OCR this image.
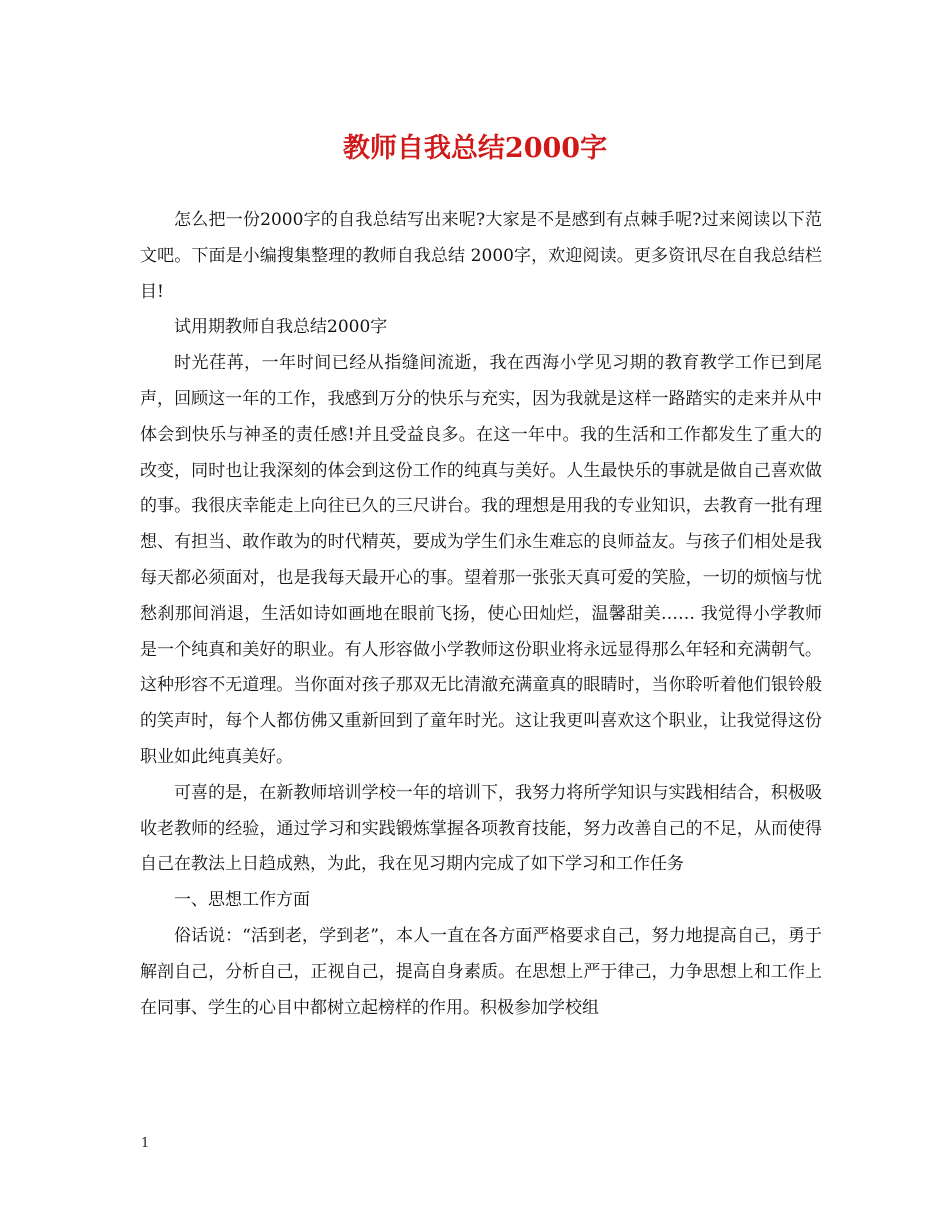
教师自我总结2000字

怎么把一份2000字的自我总结写出来呢?大家是不是感到有点棘手呢?过来阅读以下范文吧。下面是小编搜集整理的教师自我总结 2000字，欢迎阅读。更多资讯尽在自我总结栏目!

试用期教师自我总结2000字

时光荏苒，一年时间已经从指缝间流逝，我在西海小学见习期的教育教学工作已到尾声，回顾这一年的工作，我感到万分的快乐与充实，因为我就是这样一路踏实的走来并从中体会到快乐与神圣的责任感!并且受益良多。在这一年中。我的生活和工作都发生了重大的改变，同时也让我深刻的体会到这份工作的纯真与美好。人生最快乐的事就是做自己喜欢做的事。我很庆幸能走上向往已久的三尺讲台。我的理想是用我的专业知识，去教育一批有理想、有担当、敢作敢为的时代精英，要成为学生们永生难忘的良师益友。与孩子们相处是我每天都必须面对，也是我每天最开心的事。望着那一张张天真可爱的笑脸，一切的烦恼与忧愁刹那间消退，生活如诗如画地在眼前飞扬，使心田灿烂，温馨甜美…… 我觉得小学教师是一个纯真和美好的职业。有人形容做小学教师这份职业将永远显得那么年轻和充满朝气。这种形容不无道理。当你面对孩子那双无比清澈充满童真的眼睛时，当你聆听着他们银铃般的笑声时，每个人都仿佛又重新回到了童年时光。这让我更叫喜欢这个职业，让我觉得这份职业如此纯真美好。

可喜的是，在新教师培训学校一年的培训下，我努力将所学知识与实践相结合，积极吸收老教师的经验，通过学习和实践锻炼掌握各项教育技能，努力改善自己的不足，从而使得自己在教法上日趋成熟，为此，我在见习期内完成了如下学习和工作任务

一、思想工作方面

俗话说：“活到老，学到老”，本人一直在各方面严格要求自己，努力地提高自己，勇于解剖自己，分析自己，正视自己，提高自身素质。在思想上严于律己，力争思想上和工作上在同事、学生的心目中都树立起榜样的作用。积极参加学校组

1
